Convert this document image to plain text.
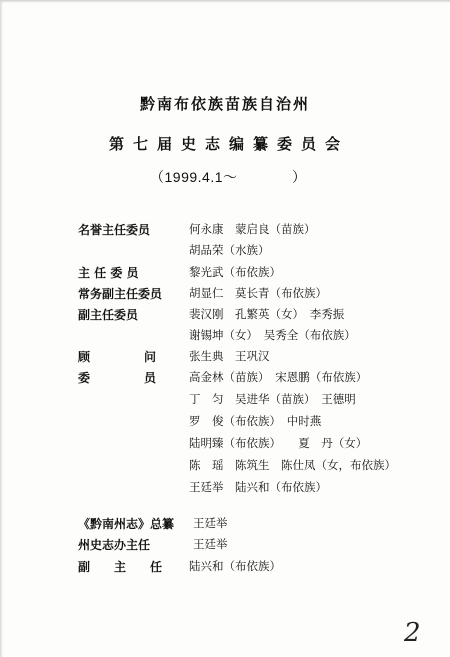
黔南布依族苗族自治州
第七届史志编纂委员会
（1999.4.1～	）
名誉主任委员	何永康　蒙启良（苗族）
胡品荣（水族）
主 任 委 员	黎光武（布依族）
常务副主任委员 胡显仁　莫长青（布依族）
副主任委员	裴汉刚　孔繁英（女）　李秀振
谢锡坤（女）　吴秀全（布依族）
顾	问	张生典　王巩汉
委	员	高金林（苗族）　宋恩鹏（布依族）
丁　匀　吴进华（苗族）　王德明
罗　俊（布依族）　中时燕
陆明臻（布依族）　　夏　丹（女）
陈　瑶　陈筑生　陈仕凤（女，布依族）
王廷举　陆兴和（布依族）
《黔南州志》总纂 王廷举
州史志办主任	王廷举
副　　主　　任 陆兴和（布依族）
2
